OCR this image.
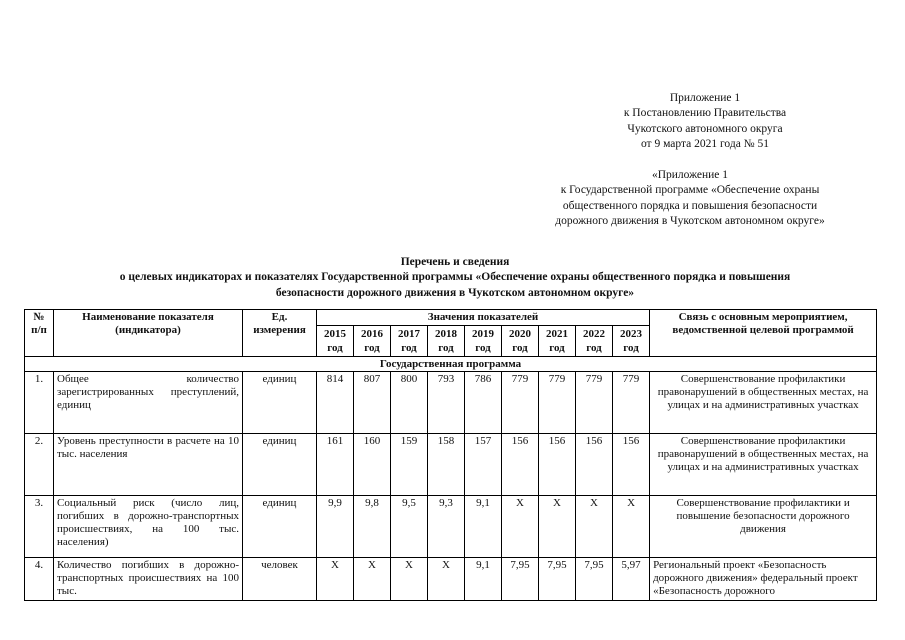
Приложение 1
к Постановлению Правительства
Чукотского автономного округа
от 9 марта 2021 года № 51
«Приложение 1
к Государственной программе «Обеспечение охраны
общественного порядка и повышения безопасности
дорожного движения в Чукотском автономном округе»
Перечень и сведения
о целевых индикаторах и показателях Государственной программы «Обеспечение охраны общественного порядка и повышения
безопасности дорожного движения в Чукотском автономном округе»
№ п/п	Наименование показателя (индикатора)	Ед. измерения	Значения показателей									Связь с основным мероприятием, ведомственной целевой программой
			2015 год	2016 год	2017 год	2018 год	2019 год	2020 год	2021 год	2022 год	2023 год	
Государственная программа												
1.	Общее количество зарегистрированных преступлений, единиц	единиц	814	807	800	793	786	779	779	779	779	Совершенствование профилактики правонарушений в общественных местах, на улицах и на административных участках
2.	Уровень преступности в расчете на 10 тыс. населения	единиц	161	160	159	158	157	156	156	156	156	Совершенствование профилактики правонарушений в общественных местах, на улицах и на административных участках
3.	Социальный риск (число лиц, погибших в дорожно-транспортных происшествиях, на 100 тыс. населения)	единиц	9,9	9,8	9,5	9,3	9,1	Х	Х	Х	Х	Совершенствование профилактики и повышение безопасности дорожного движения
4.	Количество погибших в дорожно-транспортных происшествиях на 100 тыс.	человек	Х	Х	Х	Х	9,1	7,95	7,95	7,95	5,97	Региональный проект «Безопасность дорожного движения» федеральный проект «Безопасность дорожного
